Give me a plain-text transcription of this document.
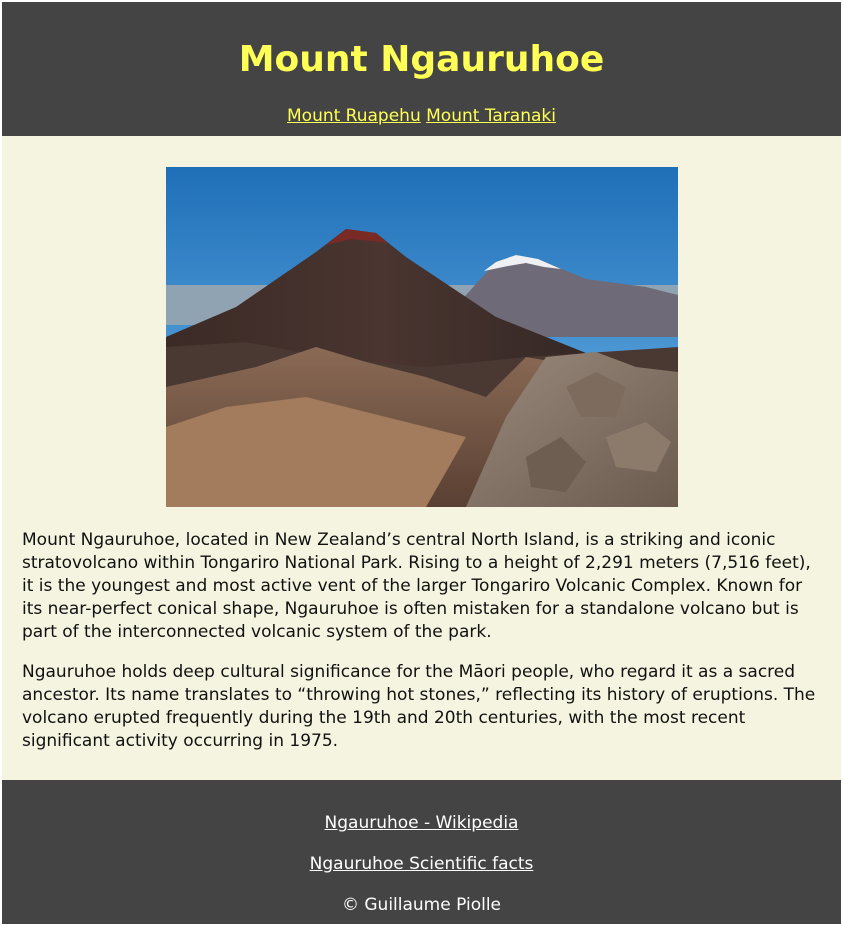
Mount Ngauruhoe
Mount Ruapehu Mount Taranaki

Mount Ngauruhoe, located in New Zealand’s central North Island, is a striking and iconic stratovolcano within Tongariro National Park. Rising to a height of 2,291 meters (7,516 feet), it is the youngest and most active vent of the larger Tongariro Volcanic Complex. Known for its near-perfect conical shape, Ngauruhoe is often mistaken for a standalone volcano but is part of the interconnected volcanic system of the park.

Ngauruhoe holds deep cultural significance for the Māori people, who regard it as a sacred ancestor. Its name translates to “throwing hot stones,” reflecting its history of eruptions. The volcano erupted frequently during the 19th and 20th centuries, with the most recent significant activity occurring in 1975.

Ngauruhoe - Wikipedia
Ngauruhoe Scientific facts
© Guillaume Piolle
